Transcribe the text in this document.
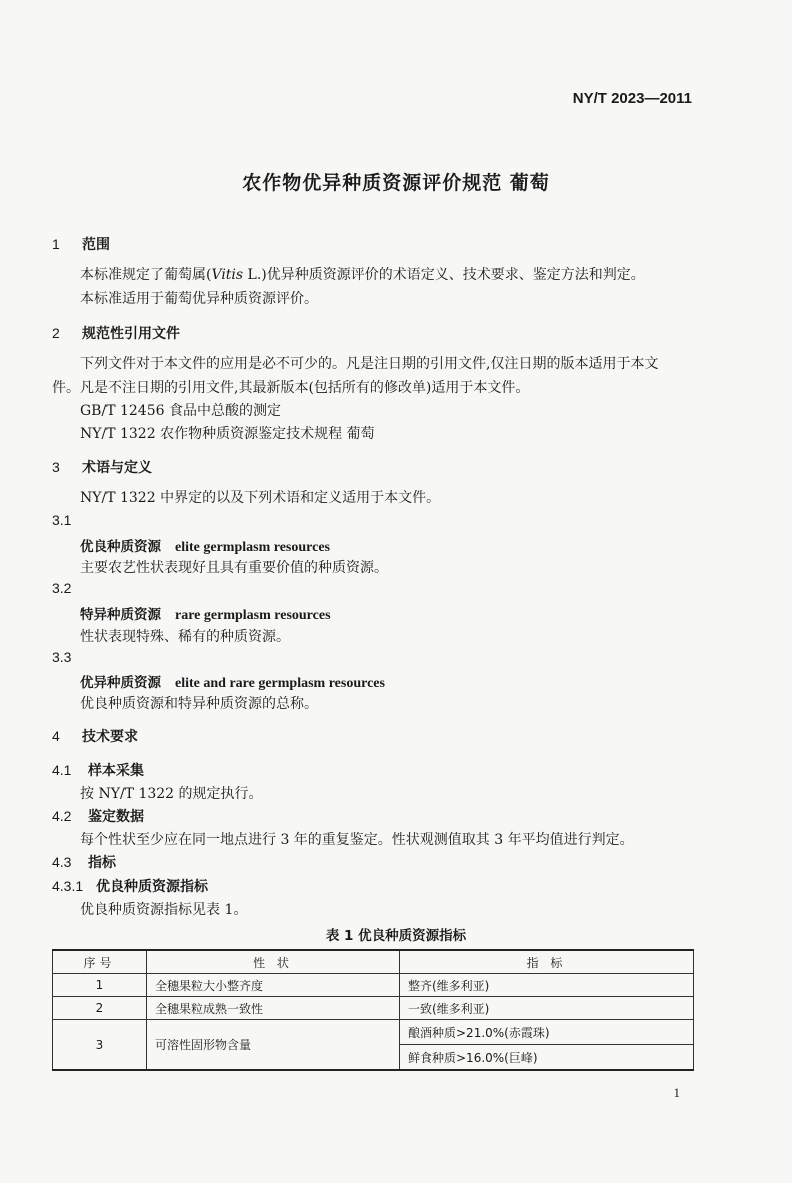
NY/T 2023—2011
农作物优异种质资源评价规范 葡萄
1 范围
本标准规定了葡萄属(Vitis L.)优异种质资源评价的术语定义、技术要求、鉴定方法和判定。
本标准适用于葡萄优异种质资源评价。
2 规范性引用文件
下列文件对于本文件的应用是必不可少的。凡是注日期的引用文件,仅注日期的版本适用于本文
件。凡是不注日期的引用文件,其最新版本(包括所有的修改单)适用于本文件。
GB/T 12456 食品中总酸的测定
NY/T 1322 农作物种质资源鉴定技术规程 葡萄
3 术语与定义
NY/T 1322 中界定的以及下列术语和定义适用于本文件。
3.1
优良种质资源 elite germplasm resources
主要农艺性状表现好且具有重要价值的种质资源。
3.2
特异种质资源 rare germplasm resources
性状表现特殊、稀有的种质资源。
3.3
优异种质资源 elite and rare germplasm resources
优良种质资源和特异种质资源的总称。
4 技术要求
4.1 样本采集
按 NY/T 1322 的规定执行。
4.2 鉴定数据
每个性状至少应在同一地点进行 3 年的重复鉴定。性状观测值取其 3 年平均值进行判定。
4.3 指标
4.3.1 优良种质资源指标
优良种质资源指标见表 1。
表 1 优良种质资源指标
序号	性 状	指 标
1	全穗果粒大小整齐度	整齐(维多利亚)
2	全穗果粒成熟一致性	一致(维多利亚)
3	可溶性固形物含量	酿酒种质>21.0%(赤霞珠)
		鲜食种质>16.0%(巨峰)
1
